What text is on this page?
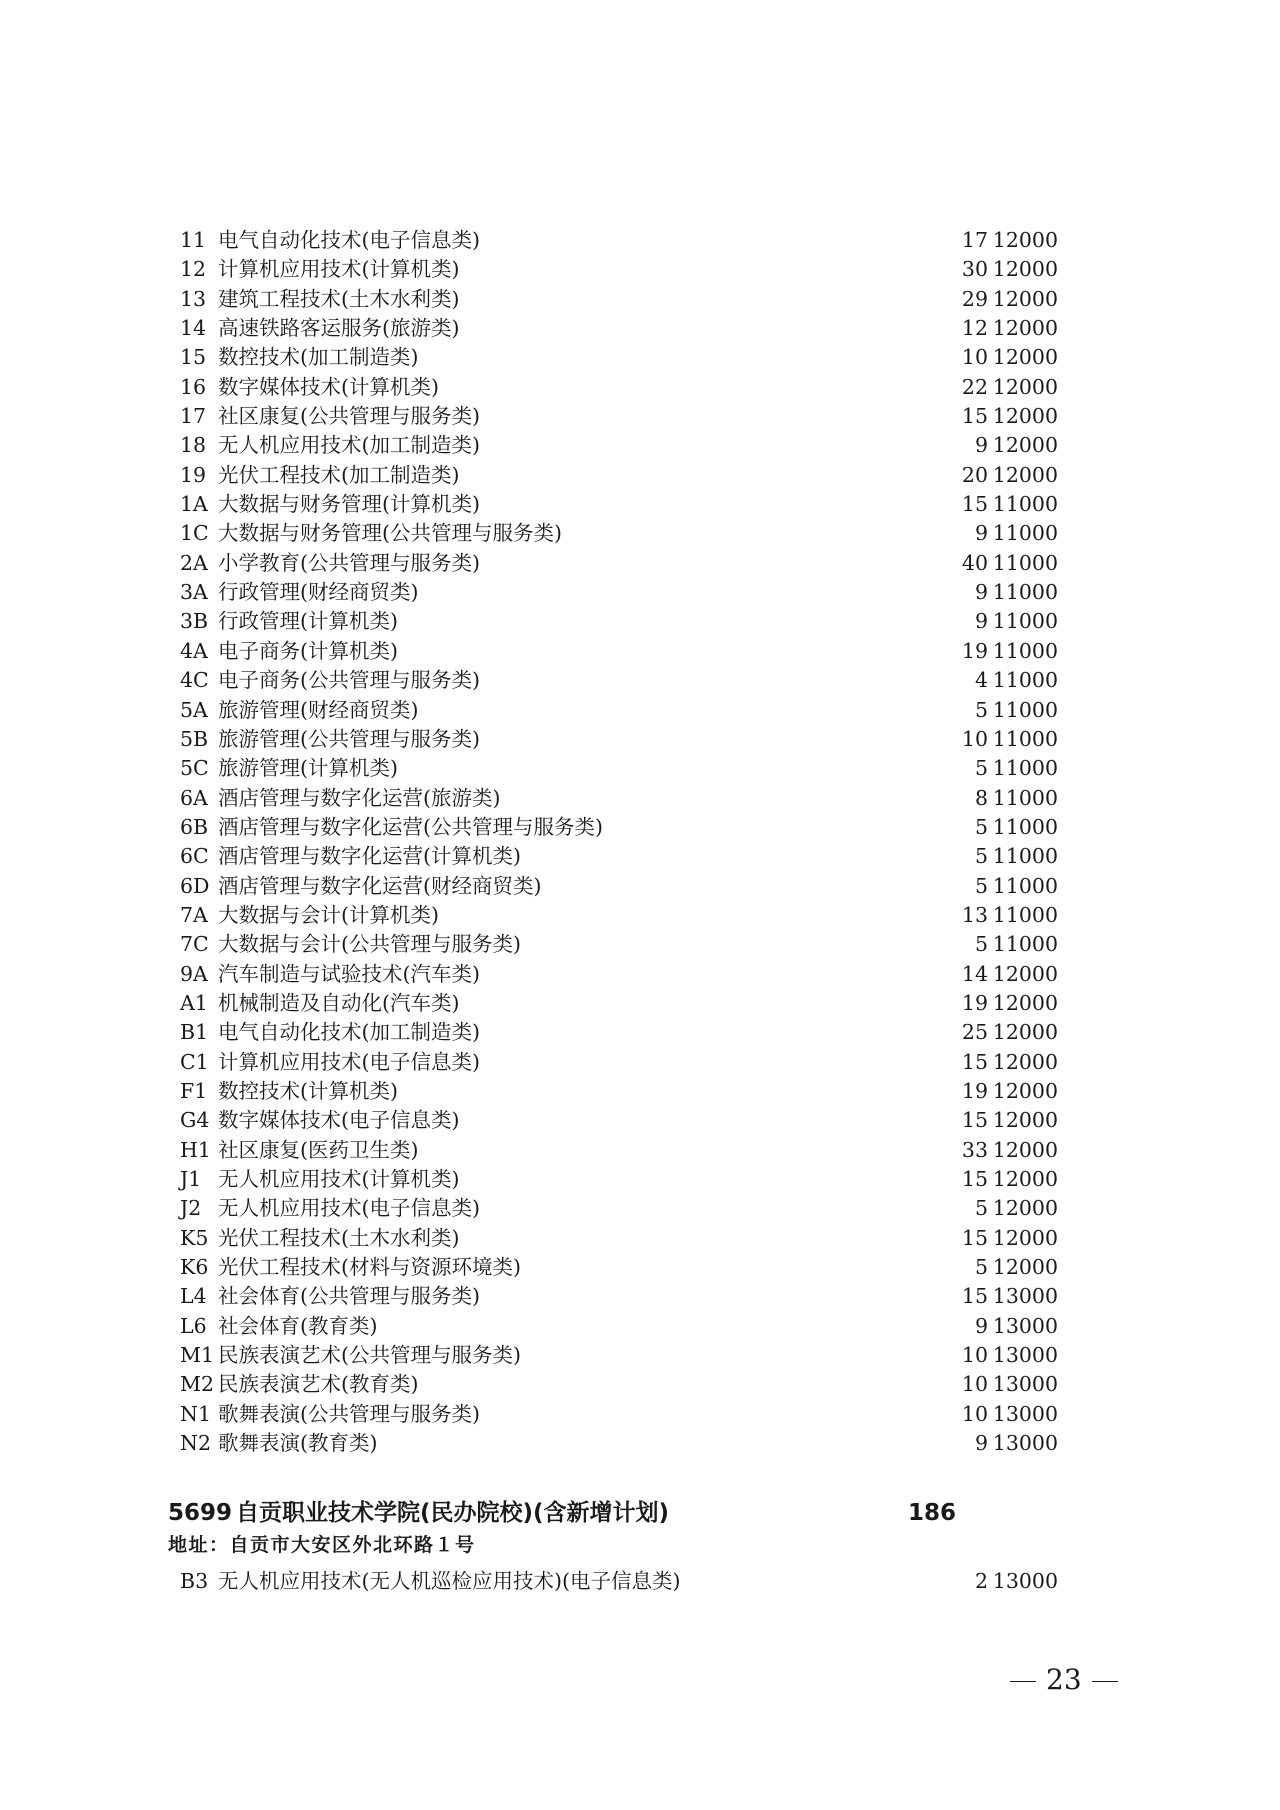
11 电气自动化技术(电子信息类)	17 12000
12 计算机应用技术(计算机类)	30 12000
13 建筑工程技术(土木水利类)	29 12000
14 高速铁路客运服务(旅游类)	12 12000
15 数控技术(加工制造类)	10 12000
16 数字媒体技术(计算机类)	22 12000
17 社区康复(公共管理与服务类)	15 12000
18 无人机应用技术(加工制造类)	9 12000
19 光伏工程技术(加工制造类)	20 12000
1A 大数据与财务管理(计算机类)	15 11000
1C 大数据与财务管理(公共管理与服务类)	9 11000
2A 小学教育(公共管理与服务类)	40 11000
3A 行政管理(财经商贸类)	9 11000
3B 行政管理(计算机类)	9 11000
4A 电子商务(计算机类)	19 11000
4C 电子商务(公共管理与服务类)	4 11000
5A 旅游管理(财经商贸类)	5 11000
5B 旅游管理(公共管理与服务类)	10 11000
5C 旅游管理(计算机类)	5 11000
6A 酒店管理与数字化运营(旅游类)	8 11000
6B 酒店管理与数字化运营(公共管理与服务类)	5 11000
6C 酒店管理与数字化运营(计算机类)	5 11000
6D 酒店管理与数字化运营(财经商贸类)	5 11000
7A 大数据与会计(计算机类)	13 11000
7C 大数据与会计(公共管理与服务类)	5 11000
9A 汽车制造与试验技术(汽车类)	14 12000
A1 机械制造及自动化(汽车类)	19 12000
B1 电气自动化技术(加工制造类)	25 12000
C1 计算机应用技术(电子信息类)	15 12000
F1 数控技术(计算机类)	19 12000
G4 数字媒体技术(电子信息类)	15 12000
H1 社区康复(医药卫生类)	33 12000
J1 无人机应用技术(计算机类)	15 12000
J2 无人机应用技术(电子信息类)	5 12000
K5 光伏工程技术(土木水利类)	15 12000
K6 光伏工程技术(材料与资源环境类)	5 12000
L4 社会体育(公共管理与服务类)	15 13000
L6 社会体育(教育类)	9 13000
M1 民族表演艺术(公共管理与服务类)	10 13000
M2 民族表演艺术(教育类)	10 13000
N1 歌舞表演(公共管理与服务类)	10 13000
N2 歌舞表演(教育类)	9 13000
5699 自贡职业技术学院(民办院校)(含新增计划)	186
地址：自贡市大安区外北环路１号
B3 无人机应用技术(无人机巡检应用技术)(电子信息类)	2 13000
23
